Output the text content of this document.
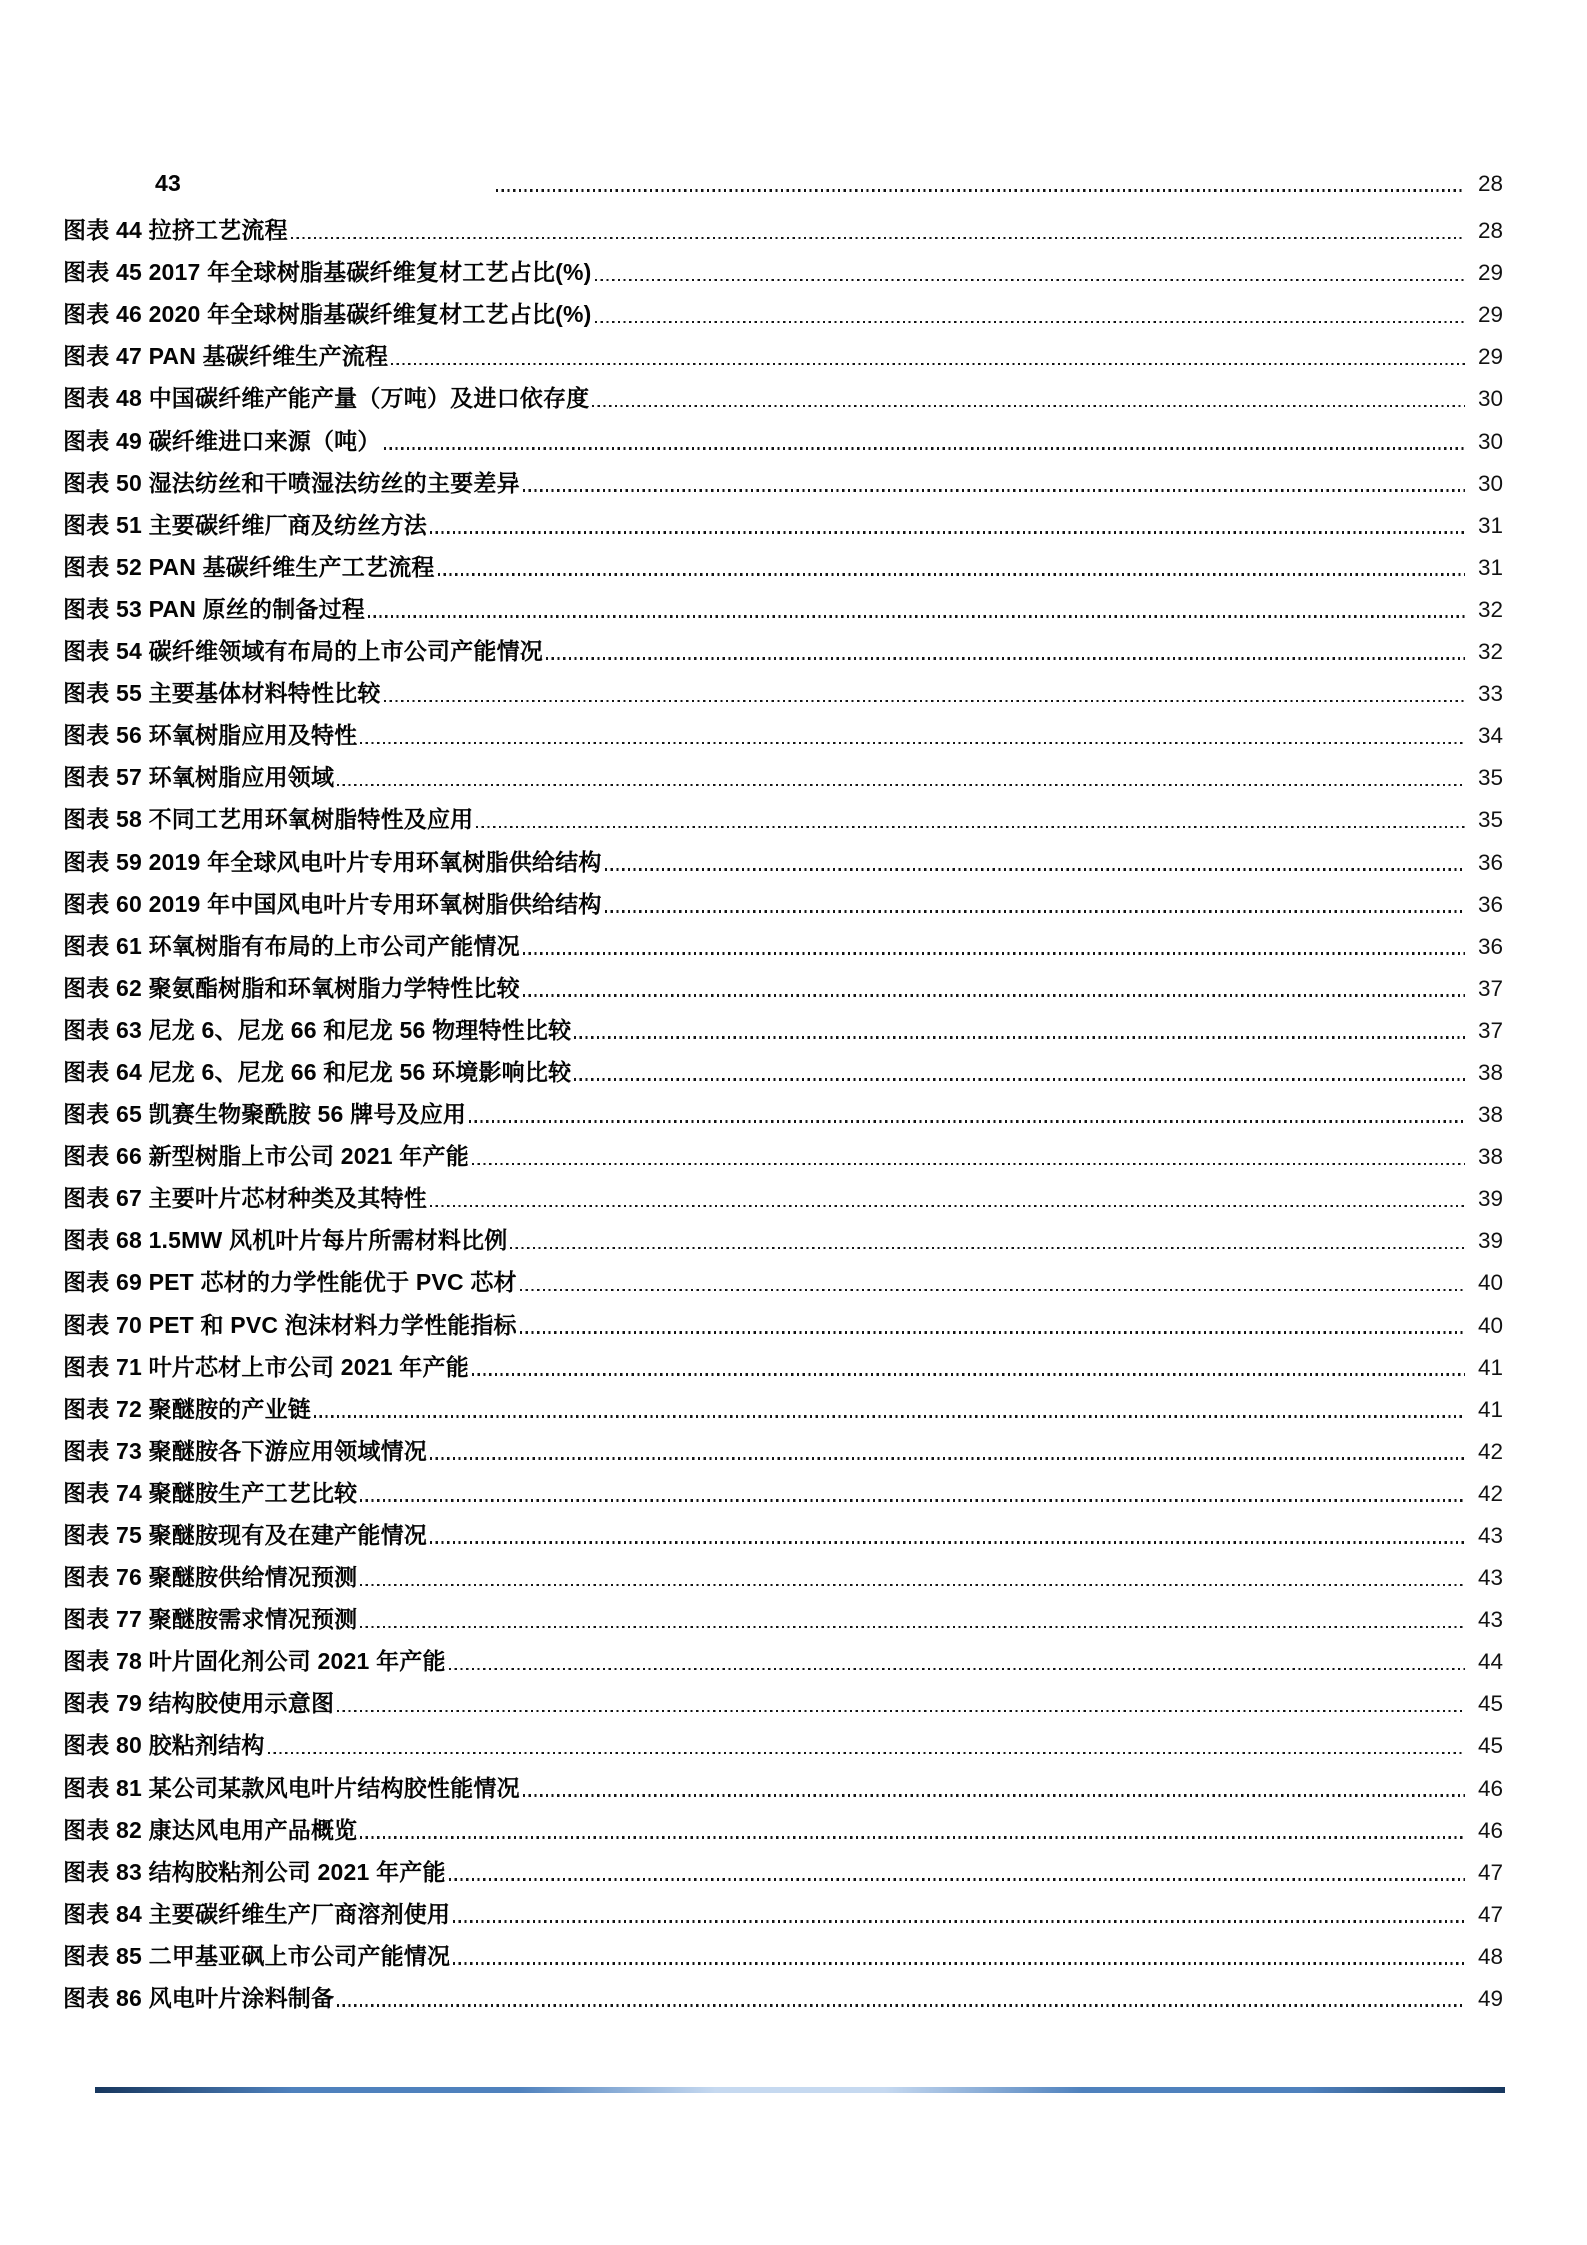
43	28
图表 44 拉挤工艺流程	28
图表 45 2017 年全球树脂基碳纤维复材工艺占比(%)	29
图表 46 2020 年全球树脂基碳纤维复材工艺占比(%)	29
图表 47 PAN 基碳纤维生产流程	29
图表 48 中国碳纤维产能产量（万吨）及进口依存度	30
图表 49 碳纤维进口来源（吨）	30
图表 50 湿法纺丝和干喷湿法纺丝的主要差异	30
图表 51 主要碳纤维厂商及纺丝方法	31
图表 52 PAN 基碳纤维生产工艺流程	31
图表 53 PAN 原丝的制备过程	32
图表 54 碳纤维领域有布局的上市公司产能情况	32
图表 55 主要基体材料特性比较	33
图表 56 环氧树脂应用及特性	34
图表 57 环氧树脂应用领域	35
图表 58 不同工艺用环氧树脂特性及应用	35
图表 59 2019 年全球风电叶片专用环氧树脂供给结构	36
图表 60 2019 年中国风电叶片专用环氧树脂供给结构	36
图表 61 环氧树脂有布局的上市公司产能情况	36
图表 62 聚氨酯树脂和环氧树脂力学特性比较	37
图表 63 尼龙 6、尼龙 66 和尼龙 56 物理特性比较	37
图表 64 尼龙 6、尼龙 66 和尼龙 56 环境影响比较	38
图表 65 凯赛生物聚酰胺 56 牌号及应用	38
图表 66 新型树脂上市公司 2021 年产能	38
图表 67 主要叶片芯材种类及其特性	39
图表 68 1.5MW 风机叶片每片所需材料比例	39
图表 69 PET 芯材的力学性能优于 PVC 芯材	40
图表 70 PET 和 PVC 泡沫材料力学性能指标	40
图表 71 叶片芯材上市公司 2021 年产能	41
图表 72 聚醚胺的产业链	41
图表 73 聚醚胺各下游应用领域情况	42
图表 74 聚醚胺生产工艺比较	42
图表 75 聚醚胺现有及在建产能情况	43
图表 76 聚醚胺供给情况预测	43
图表 77 聚醚胺需求情况预测	43
图表 78 叶片固化剂公司 2021 年产能	44
图表 79 结构胶使用示意图	45
图表 80 胶粘剂结构	45
图表 81 某公司某款风电叶片结构胶性能情况	46
图表 82 康达风电用产品概览	46
图表 83 结构胶粘剂公司 2021 年产能	47
图表 84 主要碳纤维生产厂商溶剂使用	47
图表 85 二甲基亚砜上市公司产能情况	48
图表 86 风电叶片涂料制备	49
